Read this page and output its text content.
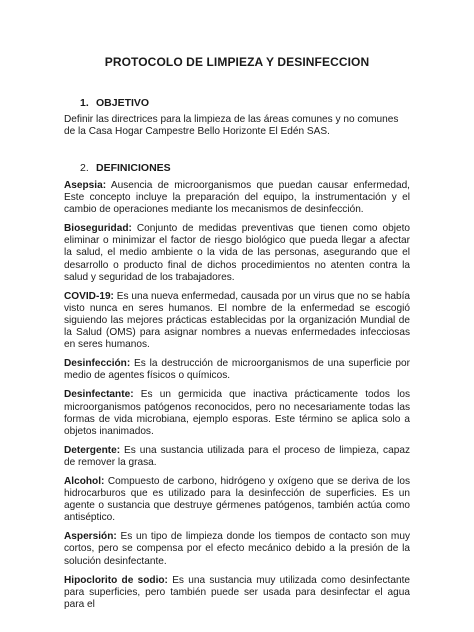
PROTOCOLO DE LIMPIEZA Y DESINFECCION
1. OBJETIVO

Definir las directrices para la limpieza de las áreas comunes y no comunes de la Casa Hogar Campestre Bello Horizonte El Edén SAS.

2. DEFINICIONES

Asepsia: Ausencia de microorganismos que puedan causar enfermedad, Este concepto incluye la preparación del equipo, la instrumentación y el cambio de operaciones mediante los mecanismos de desinfección.

Bioseguridad: Conjunto de medidas preventivas que tienen como objeto eliminar o minimizar el factor de riesgo biológico que pueda llegar a afectar la salud, el medio ambiente o la vida de las personas, asegurando que el desarrollo o producto final de dichos procedimientos no atenten contra la salud y seguridad de los trabajadores.

COVID-19: Es una nueva enfermedad, causada por un virus que no se había visto nunca en seres humanos. El nombre de la enfermedad se escogió siguiendo las mejores prácticas establecidas por la organización Mundial de la Salud (OMS) para asignar nombres a nuevas enfermedades infecciosas en seres humanos.

Desinfección: Es la destrucción de microorganismos de una superficie por medio de agentes físicos o químicos.

Desinfectante: Es un germicida que inactiva prácticamente todos los microorganismos patógenos reconocidos, pero no necesariamente todas las formas de vida microbiana, ejemplo esporas. Este término se aplica solo a objetos inanimados.

Detergente: Es una sustancia utilizada para el proceso de limpieza, capaz de remover la grasa.

Alcohol: Compuesto de carbono, hidrógeno y oxígeno que se deriva de los hidrocarburos que es utilizado para la desinfección de superficies. Es un agente o sustancia que destruye gérmenes patógenos, también actúa como antiséptico.

Aspersión: Es un tipo de limpieza donde los tiempos de contacto son muy cortos, pero se compensa por el efecto mecánico debido a la presión de la solución desinfectante.

Hipoclorito de sodio: Es una sustancia muy utilizada como desinfectante para superficies, pero también puede ser usada para desinfectar el agua para el
